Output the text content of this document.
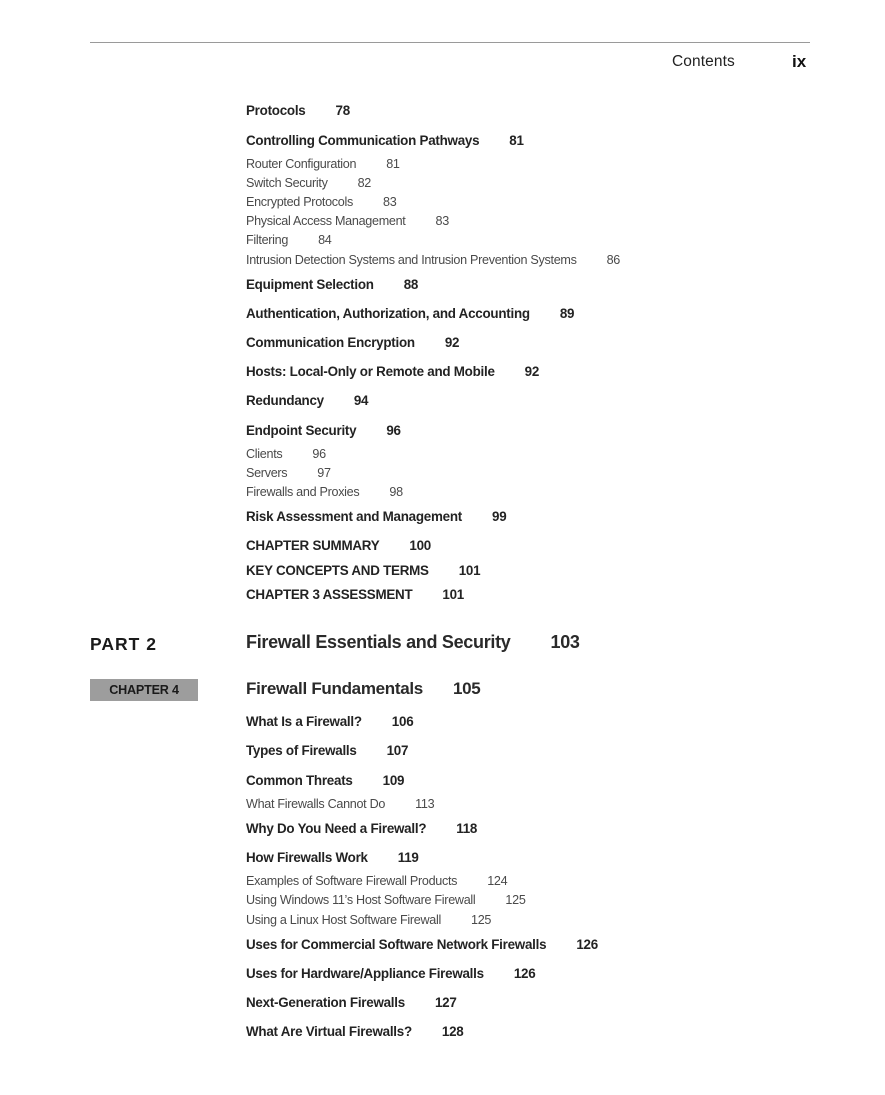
Contents	ix
Protocols 78
Controlling Communication Pathways 81
Router Configuration 81
Switch Security 82
Encrypted Protocols 83
Physical Access Management 83
Filtering 84
Intrusion Detection Systems and Intrusion Prevention Systems 86
Equipment Selection 88
Authentication, Authorization, and Accounting 89
Communication Encryption 92
Hosts: Local-Only or Remote and Mobile 92
Redundancy 94
Endpoint Security 96
Clients 96
Servers 97
Firewalls and Proxies 98
Risk Assessment and Management 99
CHAPTER SUMMARY 100
KEY CONCEPTS AND TERMS 101
CHAPTER 3 ASSESSMENT 101
PART 2	Firewall Essentials and Security 103
CHAPTER 4	Firewall Fundamentals 105
What Is a Firewall? 106
Types of Firewalls 107
Common Threats 109
What Firewalls Cannot Do 113
Why Do You Need a Firewall? 118
How Firewalls Work 119
Examples of Software Firewall Products 124
Using Windows 11’s Host Software Firewall 125
Using a Linux Host Software Firewall 125
Uses for Commercial Software Network Firewalls 126
Uses for Hardware/Appliance Firewalls 126
Next-Generation Firewalls 127
What Are Virtual Firewalls? 128
